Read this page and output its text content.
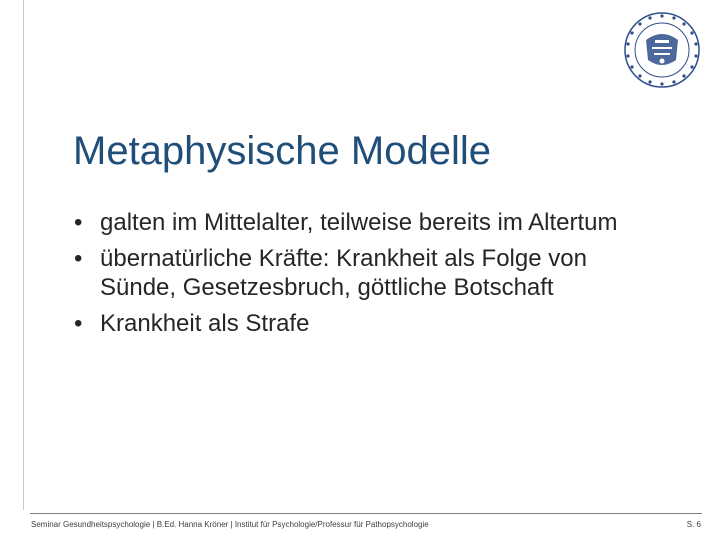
Metaphysische Modelle
• galten im Mittelalter, teilweise bereits im Altertum
• übernatürliche Kräfte: Krankheit als Folge von Sünde, Gesetzesbruch, göttliche Botschaft
• Krankheit als Strafe
Seminar Gesundheitspsychologie | B.Ed. Hanna Kröner | Institut für Psychologie/Professur für Pathopsychologie	S. 6
